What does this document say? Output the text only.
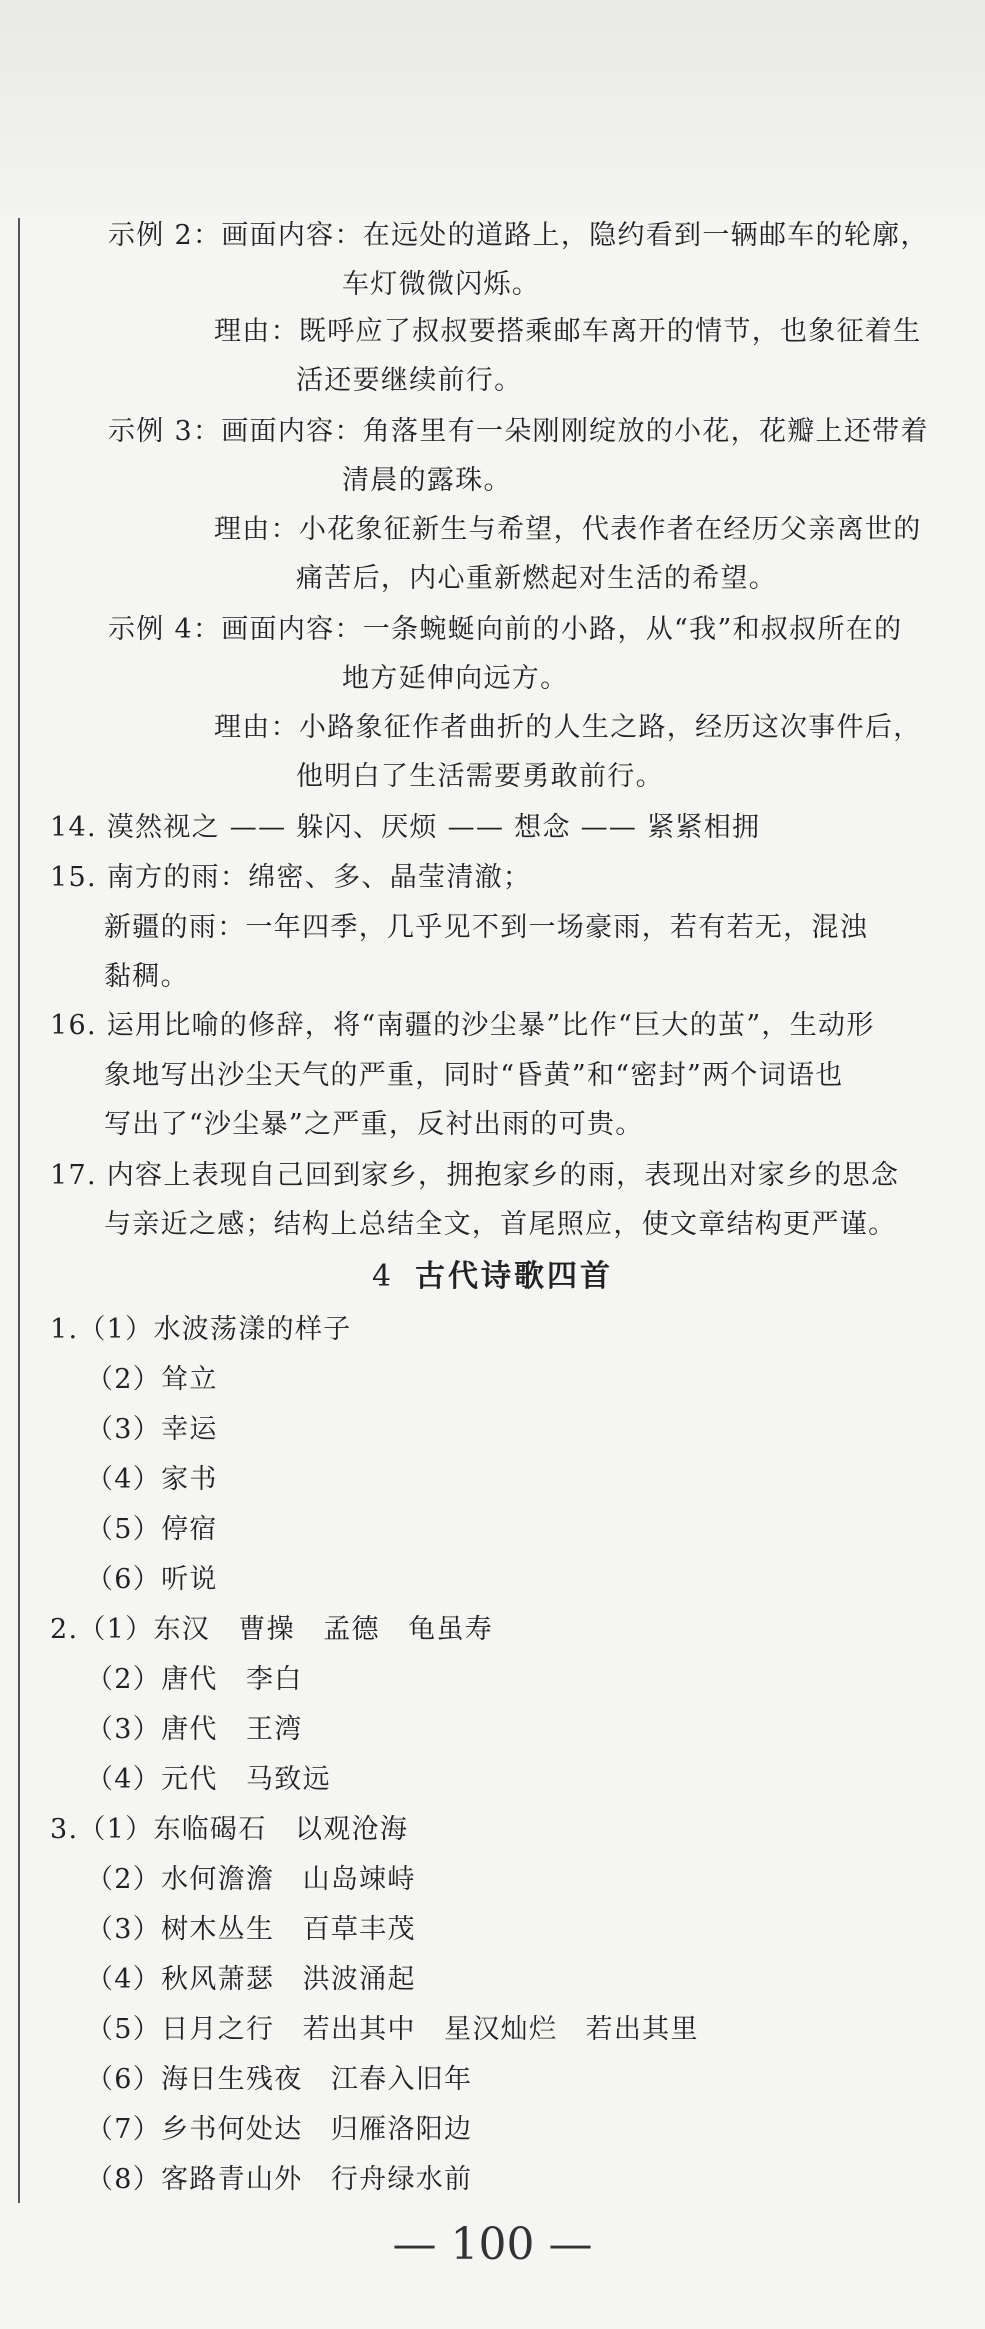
示例 2：画面内容：在远处的道路上，隐约看到一辆邮车的轮廓，
车灯微微闪烁。
理由：既呼应了叔叔要搭乘邮车离开的情节，也象征着生
活还要继续前行。
示例 3：画面内容：角落里有一朵刚刚绽放的小花，花瓣上还带着
清晨的露珠。
理由：小花象征新生与希望，代表作者在经历父亲离世的
痛苦后，内心重新燃起对生活的希望。
示例 4：画面内容：一条蜿蜒向前的小路，从“我”和叔叔所在的
地方延伸向远方。
理由：小路象征作者曲折的人生之路，经历这次事件后，
他明白了生活需要勇敢前行。
14. 漠然视之 —— 躲闪、厌烦 —— 想念 —— 紧紧相拥
15. 南方的雨：绵密、多、晶莹清澈；
新疆的雨：一年四季，几乎见不到一场豪雨，若有若无，混浊
黏稠。
16. 运用比喻的修辞，将“南疆的沙尘暴”比作“巨大的茧”，生动形
象地写出沙尘天气的严重，同时“昏黄”和“密封”两个词语也
写出了“沙尘暴”之严重，反衬出雨的可贵。
17. 内容上表现自己回到家乡，拥抱家乡的雨，表现出对家乡的思念
与亲近之感；结构上总结全文，首尾照应，使文章结构更严谨。
4 古代诗歌四首
1.（1）水波荡漾的样子
（2）耸立
（3）幸运
（4）家书
（5）停宿
（6）听说
2.（1）东汉　曹操　孟德　龟虽寿
（2）唐代　李白
（3）唐代　王湾
（4）元代　马致远
3.（1）东临碣石　以观沧海
（2）水何澹澹　山岛竦峙
（3）树木丛生　百草丰茂
（4）秋风萧瑟　洪波涌起
（5）日月之行　若出其中　星汉灿烂　若出其里
（6）海日生残夜　江春入旧年
（7）乡书何处达　归雁洛阳边
（8）客路青山外　行舟绿水前
— 100 —
